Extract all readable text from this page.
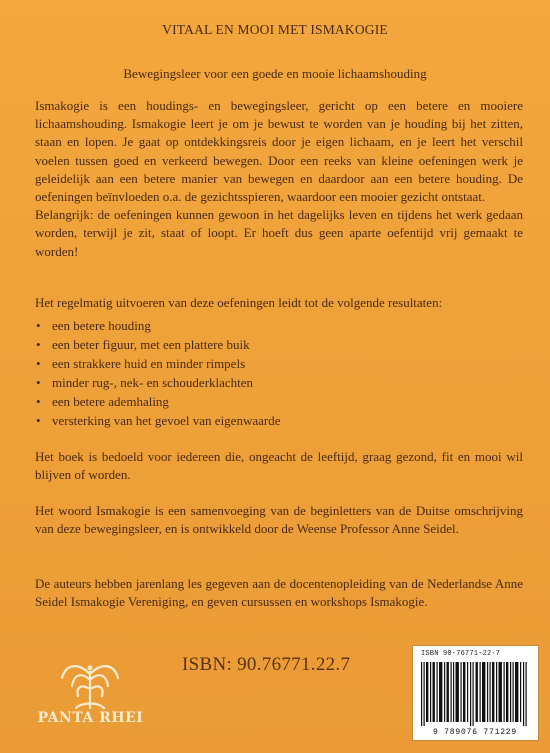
VITAAL EN MOOI MET ISMAKOGIE
Bewegingsleer voor een goede en mooie lichaamshouding
Ismakogie is een houdings- en bewegingsleer, gericht op een betere en mooiere lichaamshouding. Ismakogie leert je om je bewust te worden van je houding bij het zitten, staan en lopen. Je gaat op ontdekkingsreis door je eigen lichaam, en je leert het verschil voelen tussen goed en verkeerd bewegen. Door een reeks van kleine oefeningen werk je geleidelijk aan een betere manier van bewegen en daardoor aan een betere houding. De oefeningen beïnvloeden o.a. de gezichtsspieren, waardoor een mooier gezicht ontstaat.
Belangrijk: de oefeningen kunnen gewoon in het dagelijks leven en tijdens het werk gedaan worden, terwijl je zit, staat of loopt. Er hoeft dus geen aparte oefentijd vrij gemaakt te worden!
Het regelmatig uitvoeren van deze oefeningen leidt tot de volgende resultaten:
• een betere houding
• een beter figuur, met een plattere buik
• een strakkere huid en minder rimpels
• minder rug-, nek- en schouderklachten
• een betere ademhaling
• versterking van het gevoel van eigenwaarde
Het boek is bedoeld voor iedereen die, ongeacht de leeftijd, graag gezond, fit en mooi wil blijven of worden.
Het woord Ismakogie is een samenvoeging van de beginletters van de Duitse omschrijving van deze bewegingsleer, en is ontwikkeld door de Weense Professor Anne Seidel.
De auteurs hebben jarenlang les gegeven aan de docentenopleiding van de Nederlandse Anne Seidel Ismakogie Vereniging, en geven cursussen en workshops Ismakogie.
PANTA RHEI
ISBN: 90.76771.22.7	ISBN 90-76771-22-7
9 789076 771229
